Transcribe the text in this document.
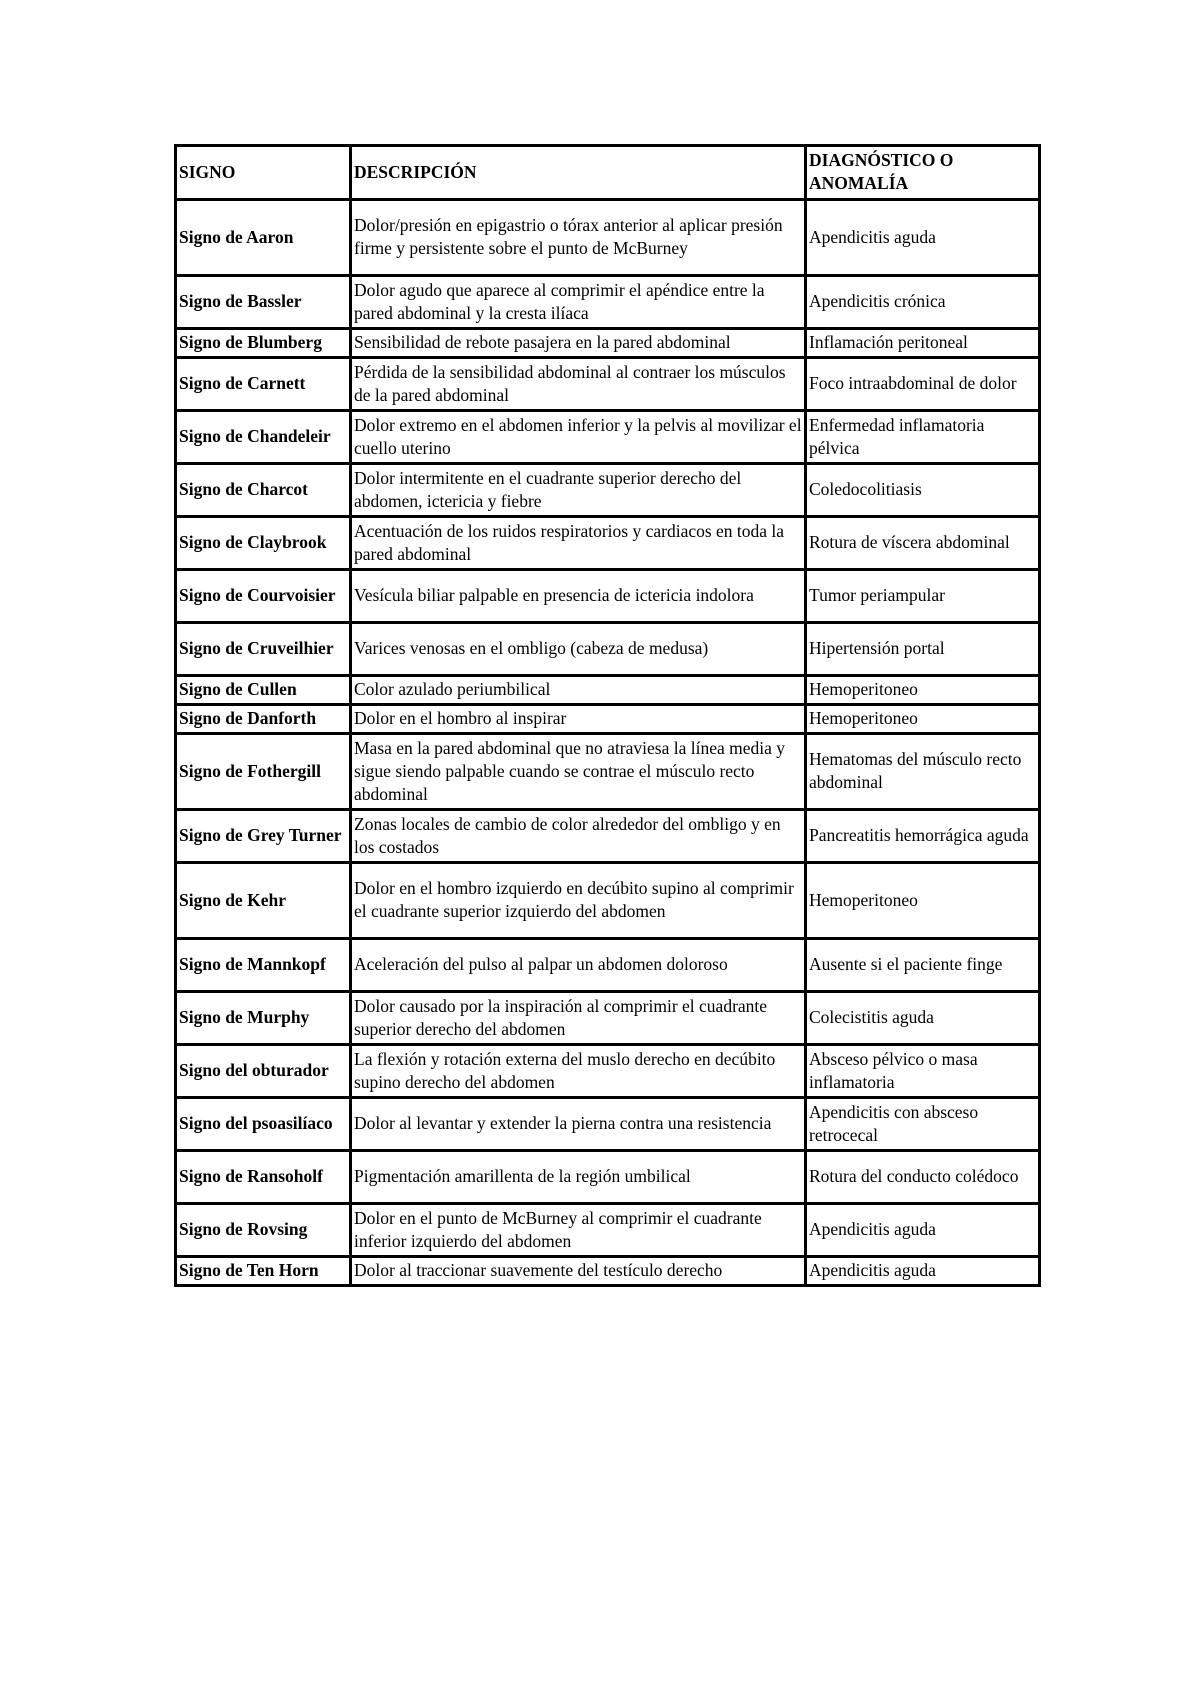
SIGNO	DESCRIPCIÓN	DIAGNÓSTICO O ANOMALÍA
Signo de Aaron	Dolor/presión en epigastrio o tórax anterior al aplicar presión firme y persistente sobre el punto de McBurney	Apendicitis aguda
Signo de Bassler	Dolor agudo que aparece al comprimir el apéndice entre la pared abdominal y la cresta ilíaca	Apendicitis crónica
Signo de Blumberg	Sensibilidad de rebote pasajera en la pared abdominal	Inflamación peritoneal
Signo de Carnett	Pérdida de la sensibilidad abdominal al contraer los músculos de la pared abdominal	Foco intraabdominal de dolor
Signo de Chandeleir	Dolor extremo en el abdomen inferior y la pelvis al movilizar el cuello uterino	Enfermedad inflamatoria pélvica
Signo de Charcot	Dolor intermitente en el cuadrante superior derecho del abdomen, ictericia y fiebre	Coledocolitiasis
Signo de Claybrook	Acentuación de los ruidos respiratorios y cardiacos en toda la pared abdominal	Rotura de víscera abdominal
Signo de Courvoisier	Vesícula biliar palpable en presencia de ictericia indolora	Tumor periampular
Signo de Cruveilhier	Varices venosas en el ombligo (cabeza de medusa)	Hipertensión portal
Signo de Cullen	Color azulado periumbilical	Hemoperitoneo
Signo de Danforth	Dolor en el hombro al inspirar	Hemoperitoneo
Signo de Fothergill	Masa en la pared abdominal que no atraviesa la línea media y sigue siendo palpable cuando se contrae el músculo recto abdominal	Hematomas del músculo recto abdominal
Signo de Grey Turner	Zonas locales de cambio de color alrededor del ombligo y en los costados	Pancreatitis hemorrágica aguda
Signo de Kehr	Dolor en el hombro izquierdo en decúbito supino al comprimir el cuadrante superior izquierdo del abdomen	Hemoperitoneo
Signo de Mannkopf	Aceleración del pulso al palpar un abdomen doloroso	Ausente si el paciente finge
Signo de Murphy	Dolor causado por la inspiración al comprimir el cuadrante superior derecho del abdomen	Colecistitis aguda
Signo del obturador	La flexión y rotación externa del muslo derecho en decúbito supino derecho del abdomen	Absceso pélvico o masa inflamatoria
Signo del psoasilíaco	Dolor al levantar y extender la pierna contra una resistencia	Apendicitis con absceso retrocecal
Signo de Ransoholf	Pigmentación amarillenta de la región umbilical	Rotura del conducto colédoco
Signo de Rovsing	Dolor en el punto de McBurney al comprimir el cuadrante inferior izquierdo del abdomen	Apendicitis aguda
Signo de Ten Horn	Dolor al traccionar suavemente del testículo derecho	Apendicitis aguda
